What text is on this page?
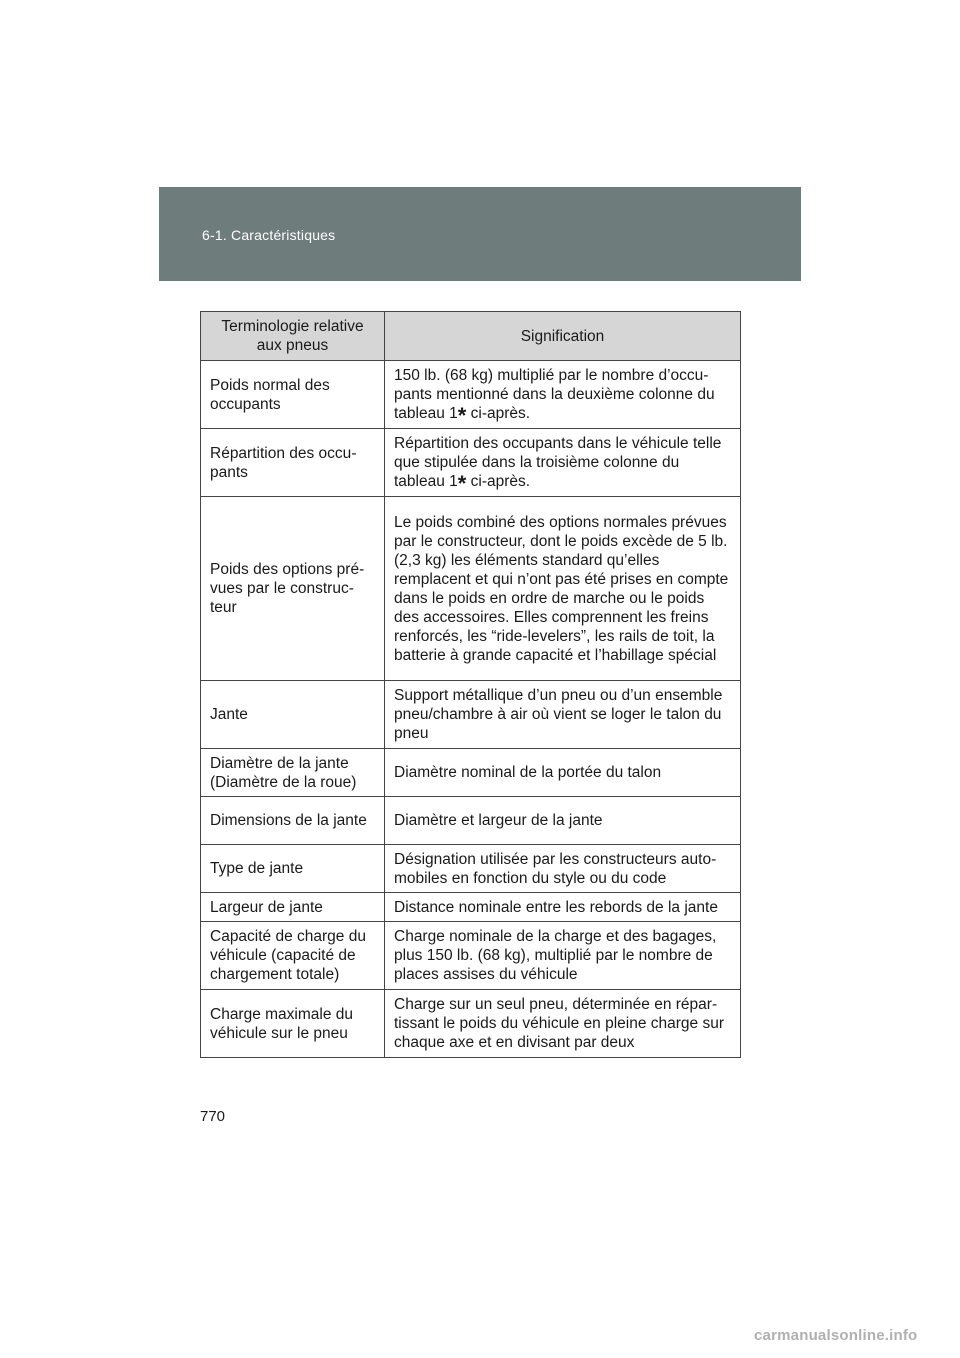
6-1. Caractéristiques
Terminologie relative aux pneus	Signification
Poids normal des occupants	150 lb. (68 kg) multiplié par le nombre d’occupants mentionné dans la deuxième colonne du tableau 1* ci-après.
Répartition des occupants	Répartition des occupants dans le véhicule telle que stipulée dans la troisième colonne du tableau 1* ci-après.
Poids des options prévues par le constructeur	Le poids combiné des options normales prévues par le constructeur, dont le poids excède de 5 lb. (2,3 kg) les éléments standard qu’elles remplacent et qui n’ont pas été prises en compte dans le poids en ordre de marche ou le poids des accessoires. Elles comprennent les freins renforcés, les “ride-levelers”, les rails de toit, la batterie à grande capacité et l’habillage spécial
Jante	Support métallique d’un pneu ou d’un ensemble pneu/chambre à air où vient se loger le talon du pneu
Diamètre de la jante (Diamètre de la roue)	Diamètre nominal de la portée du talon
Dimensions de la jante	Diamètre et largeur de la jante
Type de jante	Désignation utilisée par les constructeurs automobiles en fonction du style ou du code
Largeur de jante	Distance nominale entre les rebords de la jante
Capacité de charge du véhicule (capacité de chargement totale)	Charge nominale de la charge et des bagages, plus 150 lb. (68 kg), multiplié par le nombre de places assises du véhicule
Charge maximale du véhicule sur le pneu	Charge sur un seul pneu, déterminée en répartissant le poids du véhicule en pleine charge sur chaque axe et en divisant par deux
770
carmanualsonline.info
